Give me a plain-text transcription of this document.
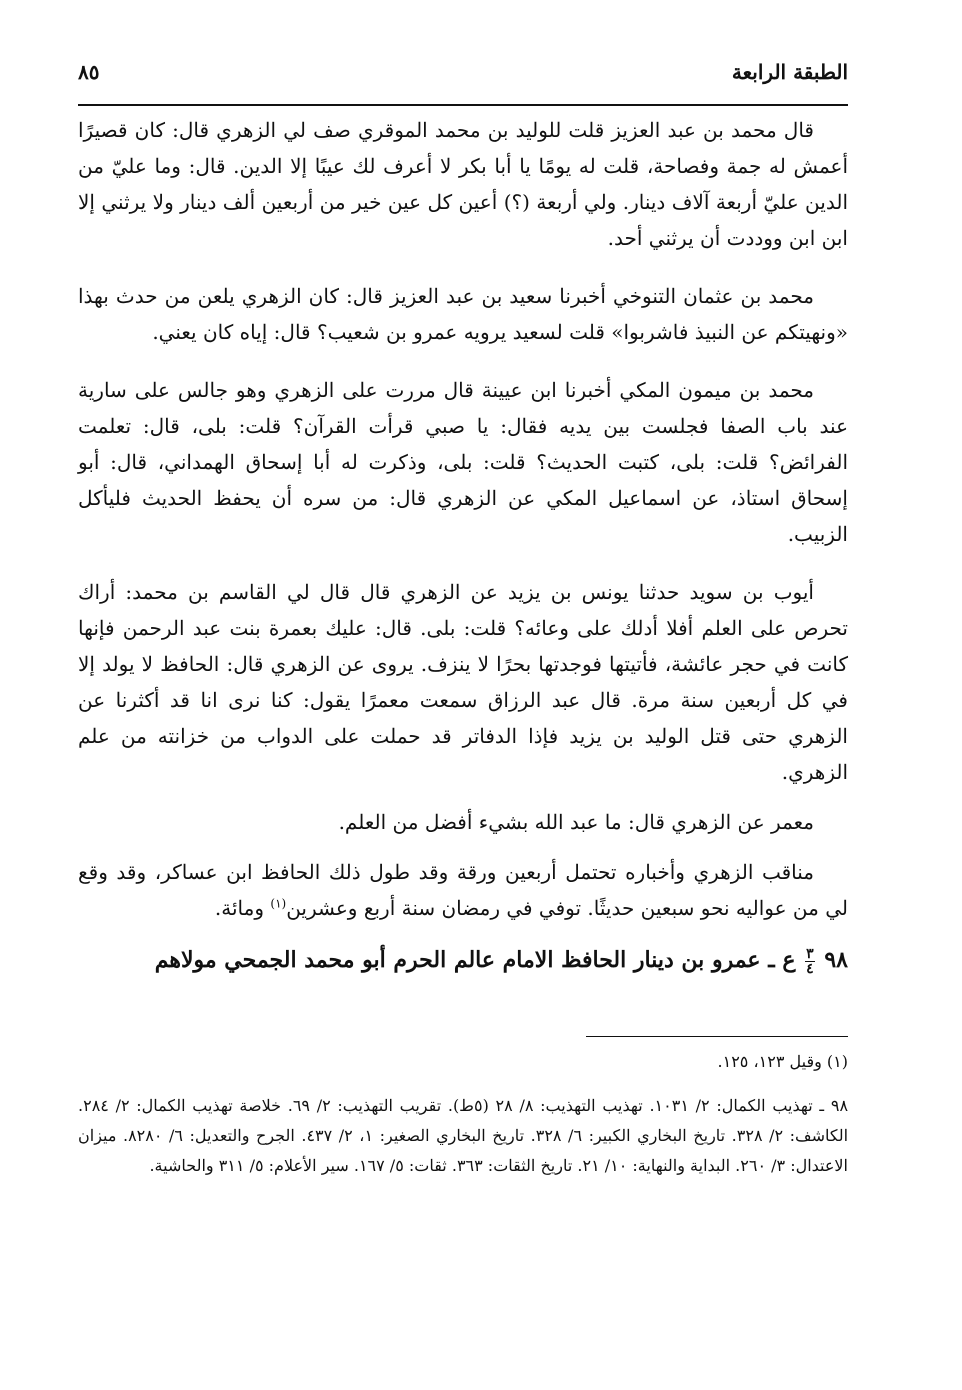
الطبقة الرابعة
٨٥

قال محمد بن عبد العزيز قلت للوليد بن محمد الموقري صف لي الزهري قال: كان قصيرًا أعمش له جمة وفصاحة، قلت له يومًا يا أبا بكر لا أعرف لك عيبًا إلا الدين. قال: وما عليّ من الدين عليّ أربعة آلاف دينار. ولي أربعة (؟) أعين كل عين خير من أربعين ألف دينار ولا يرثني إلا ابن ابن ووددت أن يرثني أحد.

محمد بن عثمان التنوخي أخبرنا سعيد بن عبد العزيز قال: كان الزهري يلعن من حدث بهذا «ونهيتكم عن النبيذ فاشربوا» قلت لسعيد يرويه عمرو بن شعيب؟ قال: إياه كان يعني.

محمد بن ميمون المكي أخبرنا ابن عيينة قال مررت على الزهري وهو جالس على سارية عند باب الصفا فجلست بين يديه فقال: يا صبي قرأت القرآن؟ قلت: بلى، قال: تعلمت الفرائض؟ قلت: بلى، كتبت الحديث؟ قلت: بلى، وذكرت له أبا إسحاق الهمداني، قال: أبو إسحاق استاذ، عن اسماعيل المكي عن الزهري قال: من سره أن يحفظ الحديث فليأكل الزبيب.

أيوب بن سويد حدثنا يونس بن يزيد عن الزهري قال قال لي القاسم بن محمد: أراك تحرص على العلم أفلا أدلك على وعائه؟ قلت: بلى. قال: عليك بعمرة بنت عبد الرحمن فإنها كانت في حجر عائشة، فأتيتها فوجدتها بحرًا لا ينزف. يروى عن الزهري قال: الحافظ لا يولد إلا في كل أربعين سنة مرة. قال عبد الرزاق سمعت معمرًا يقول: كنا نرى انا قد أكثرنا عن الزهري حتى قتل الوليد بن يزيد فإذا الدفاتر قد حملت على الدواب من خزانته من علم الزهري.

معمر عن الزهري قال: ما عبد الله بشيء أفضل من العلم.

مناقب الزهري وأخباره تحتمل أربعين ورقة وقد طول ذلك الحافظ ابن عساكر، وقد وقع لي من عواليه نحو سبعين حديثًا. توفي في رمضان سنة أربع وعشرين$^{(١)}$ ومائة.

٩٨
$\frac{٣}{٤}$
ع ـ عمرو بن دينار الحافظ الامام عالم الحرم أبو محمد الجمحي مولاهم

(١) وقيل ١٢٣، ١٢٥.

٩٨ ـ تهذيب الكمال: ٢/ ١٠٣١. تهذيب التهذيب: ٨/ ٢٨ (٥ط). تقريب التهذيب: ٢/ ٦٩. خلاصة تهذيب الكمال: ٢/ ٢٨٤. الكاشف: ٢/ ٣٢٨. تاريخ البخاري الكبير: ٦/ ٣٢٨. تاريخ البخاري الصغير: ١، ٢/ ٤٣٧. الجرح والتعديل: ٦/ ٨٢٨٠. ميزان الاعتدال: ٣/ ٢٦٠. البداية والنهاية: ١٠/ ٢١. تاريخ الثقات: ٣٦٣. ثقات: ٥/ ١٦٧. سير الأعلام: ٥/ ٣١١ والحاشية.
